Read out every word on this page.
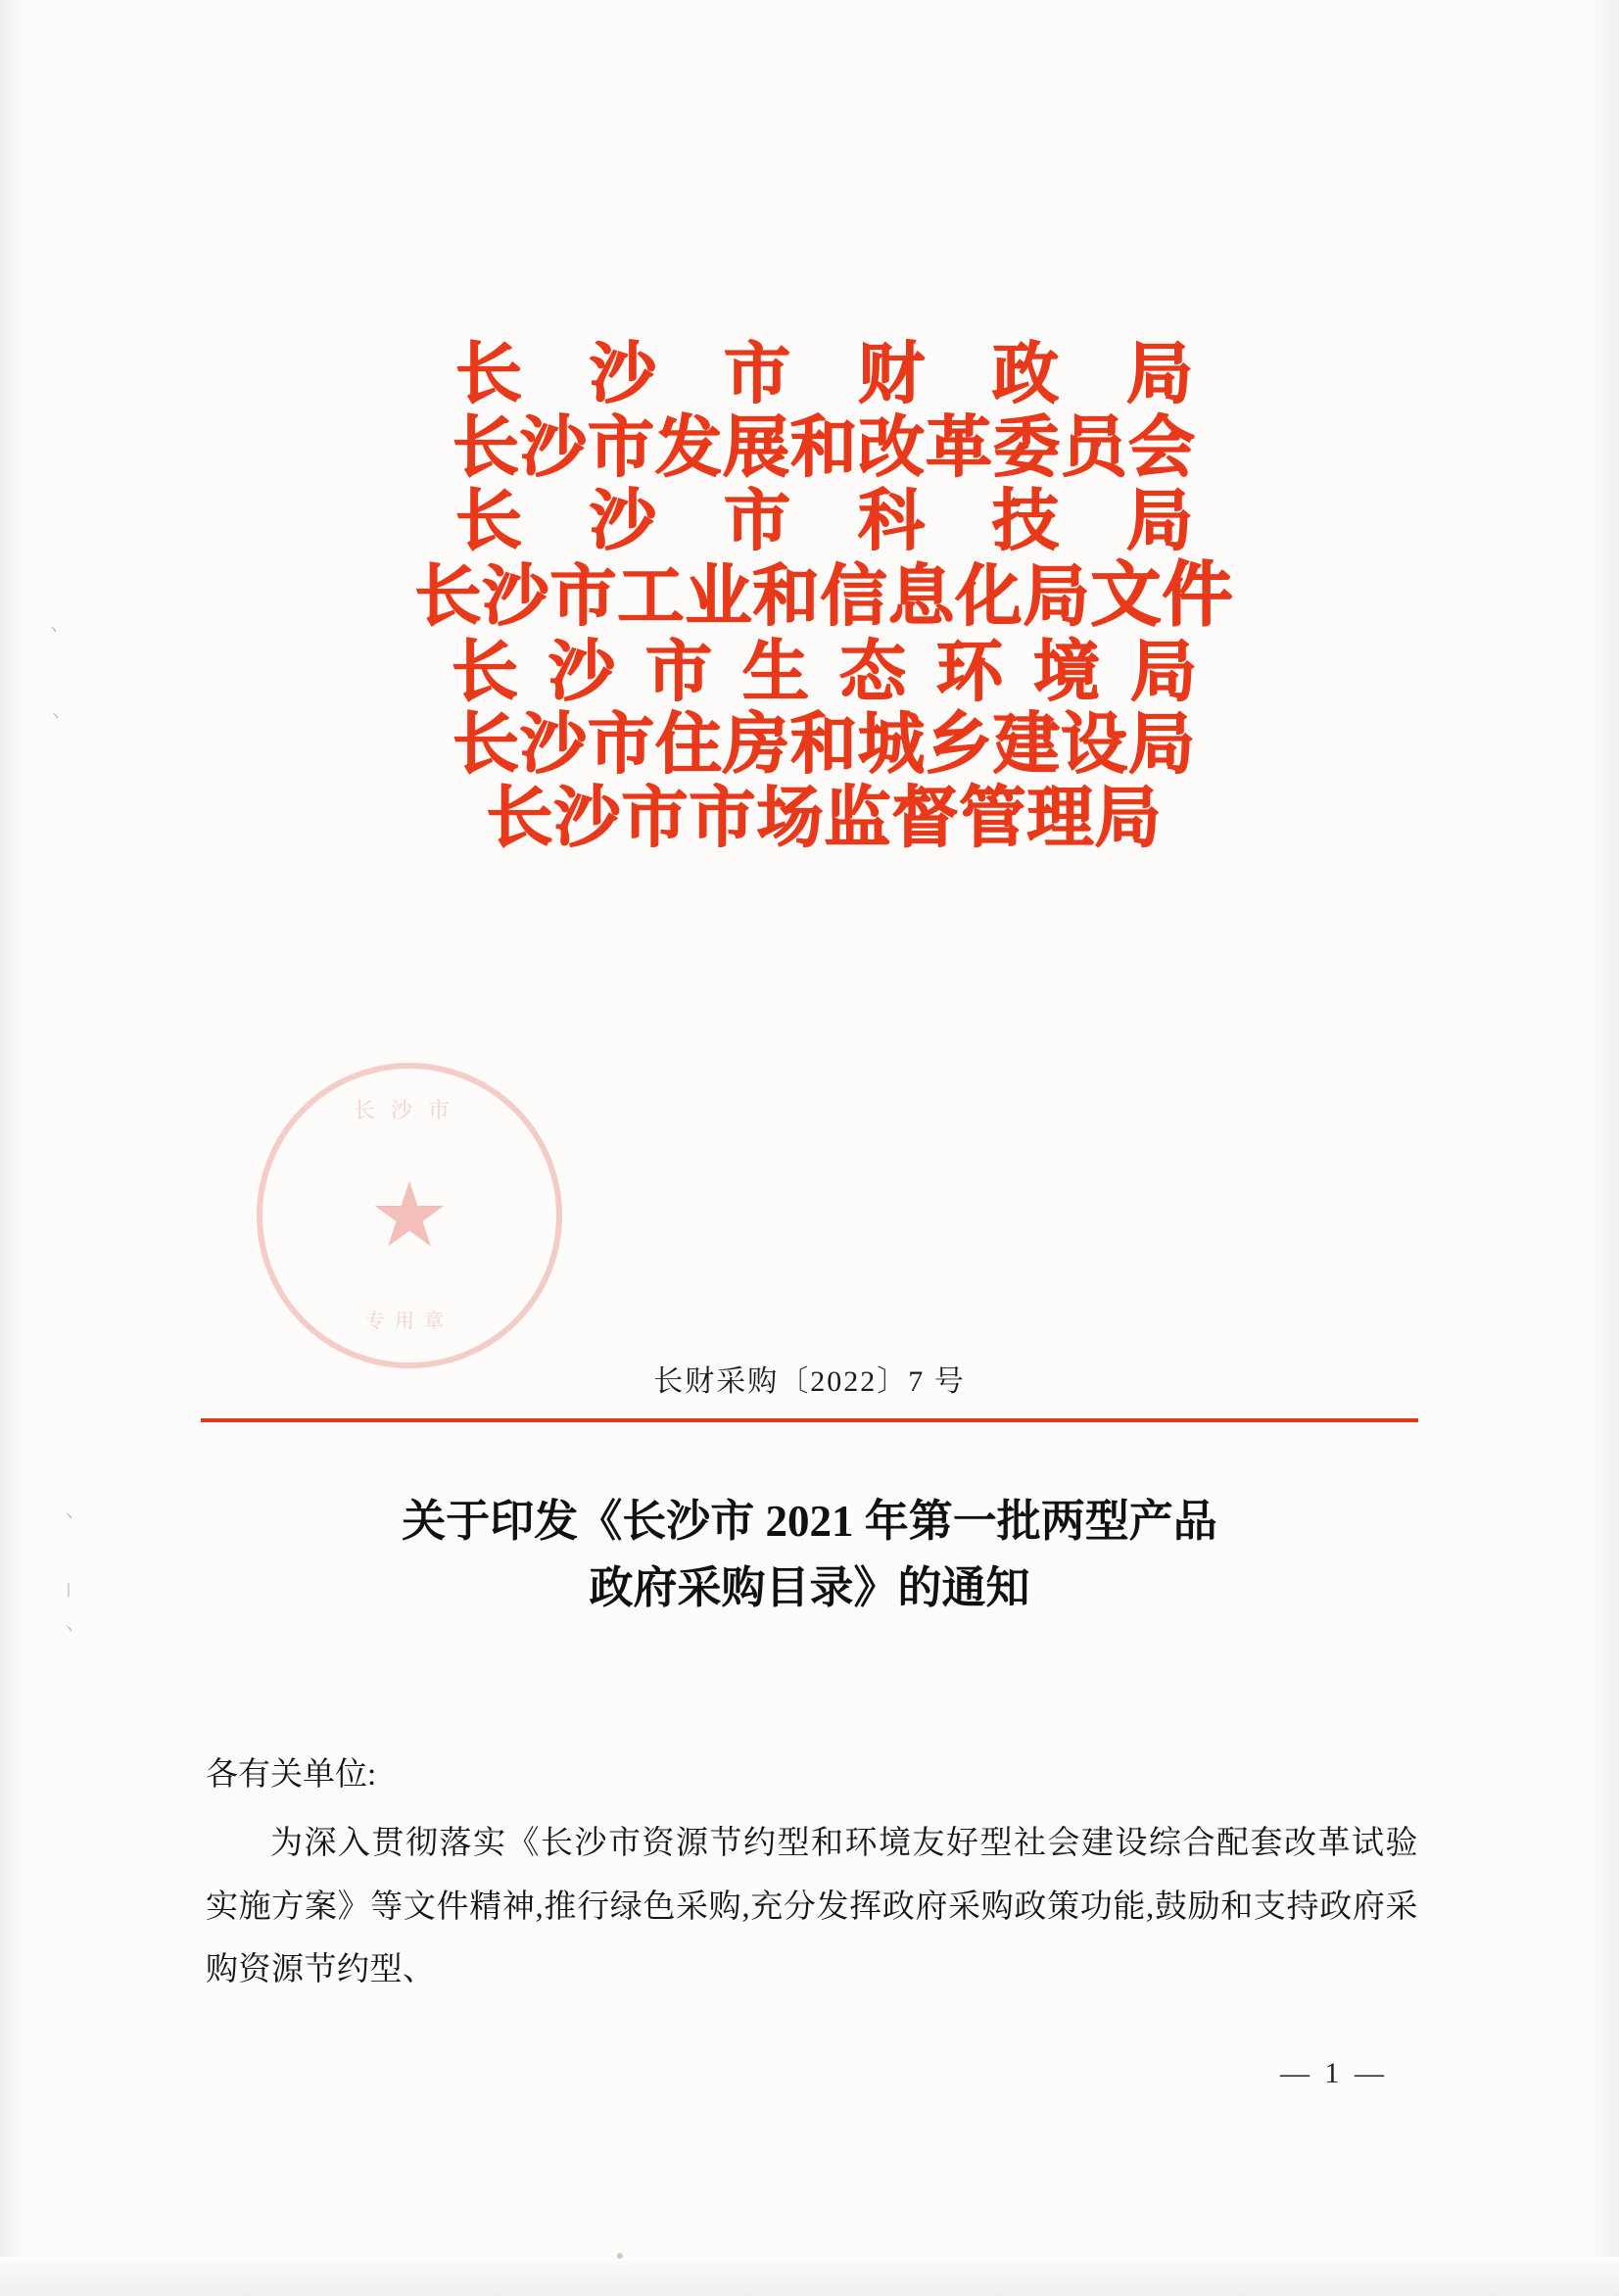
丶
丶
丶
丨
丶
长 沙 市 财 政 局
长沙市发展和改革委员会
长 沙 市 科 技 局
长沙市工业和信息化局文件
长 沙 市 生 态 环 境 局
长沙市住房和城乡建设局
长沙市市场监督管理局
长沙市
★
专用章
长财采购〔2022〕7 号
关于印发《长沙市 2021 年第一批两型产品
政府采购目录》的通知

各有关单位:

为深入贯彻落实《长沙市资源节约型和环境友好型社会建设综合配套改革试验实施方案》等文件精神,推行绿色采购,充分发挥政府采购政策功能,鼓励和支持政府采购资源节约型、

— 1 —
